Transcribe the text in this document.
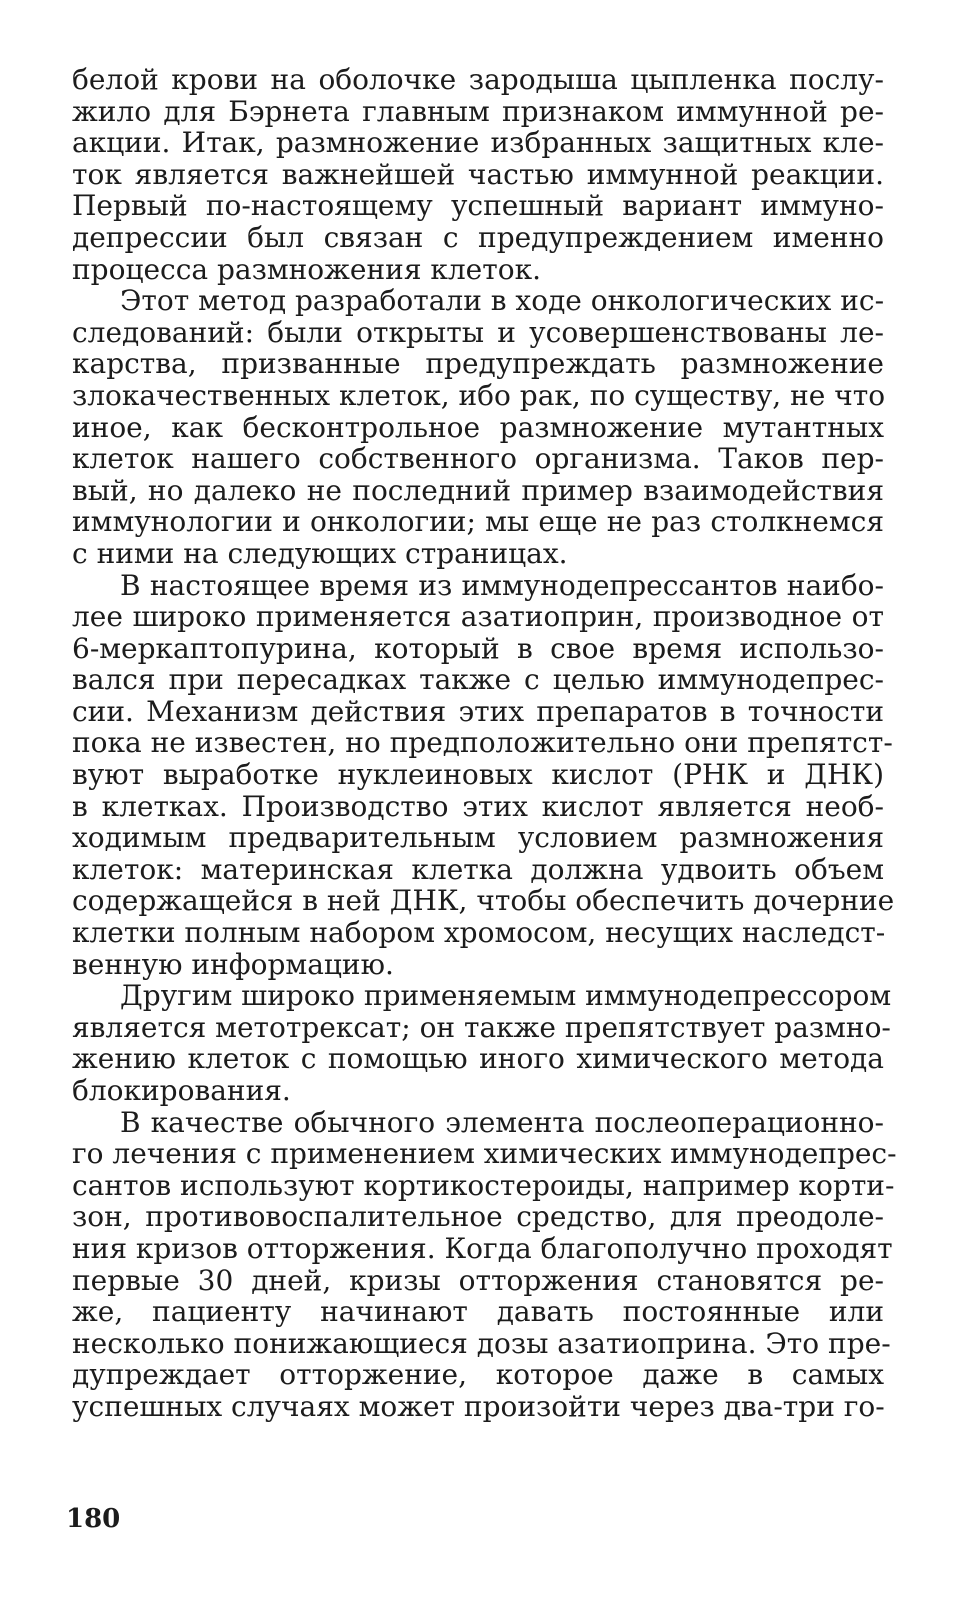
белой крови на оболочке зародыша цыпленка послу-
жило для Бэрнета главным признаком иммунной ре-
акции. Итак, размножение избранных защитных кле-
ток является важнейшей частью иммунной реакции.
Первый по-настоящему успешный вариант иммуно-
депрессии был связан с предупреждением именно
процесса размножения клеток.

Этот метод разработали в ходе онкологических ис-
следований: были открыты и усовершенствованы ле-
карства, призванные предупреждать размножение
злокачественных клеток, ибо рак, по существу, не что
иное, как бесконтрольное размножение мутантных
клеток нашего собственного организма. Таков пер-
вый, но далеко не последний пример взаимодействия
иммунологии и онкологии; мы еще не раз столкнемся
с ними на следующих страницах.

В настоящее время из иммунодепрессантов наибо-
лее широко применяется азатиоприн, производное от
6-меркаптопурина, который в свое время использо-
вался при пересадках также с целью иммунодепрес-
сии. Механизм действия этих препаратов в точности
пока не известен, но предположительно они препятст-
вуют выработке нуклеиновых кислот (РНК и ДНК)
в клетках. Производство этих кислот является необ-
ходимым предварительным условием размножения
клеток: материнская клетка должна удвоить объем
содержащейся в ней ДНК, чтобы обеспечить дочерние
клетки полным набором хромосом, несущих наследст-
венную информацию.

Другим широко применяемым иммунодепрессором
является метотрексат; он также препятствует размно-
жению клеток с помощью иного химического метода
блокирования.

В качестве обычного элемента послеоперационно-
го лечения с применением химических иммунодепрес-
сантов используют кортикостероиды, например корти-
зон, противовоспалительное средство, для преодоле-
ния кризов отторжения. Когда благополучно проходят
первые 30 дней, кризы отторжения становятся ре-
же, пациенту начинают давать постоянные или
несколько понижающиеся дозы азатиоприна. Это пре-
дупреждает отторжение, которое даже в самых
успешных случаях может произойти через два-три го-

180
